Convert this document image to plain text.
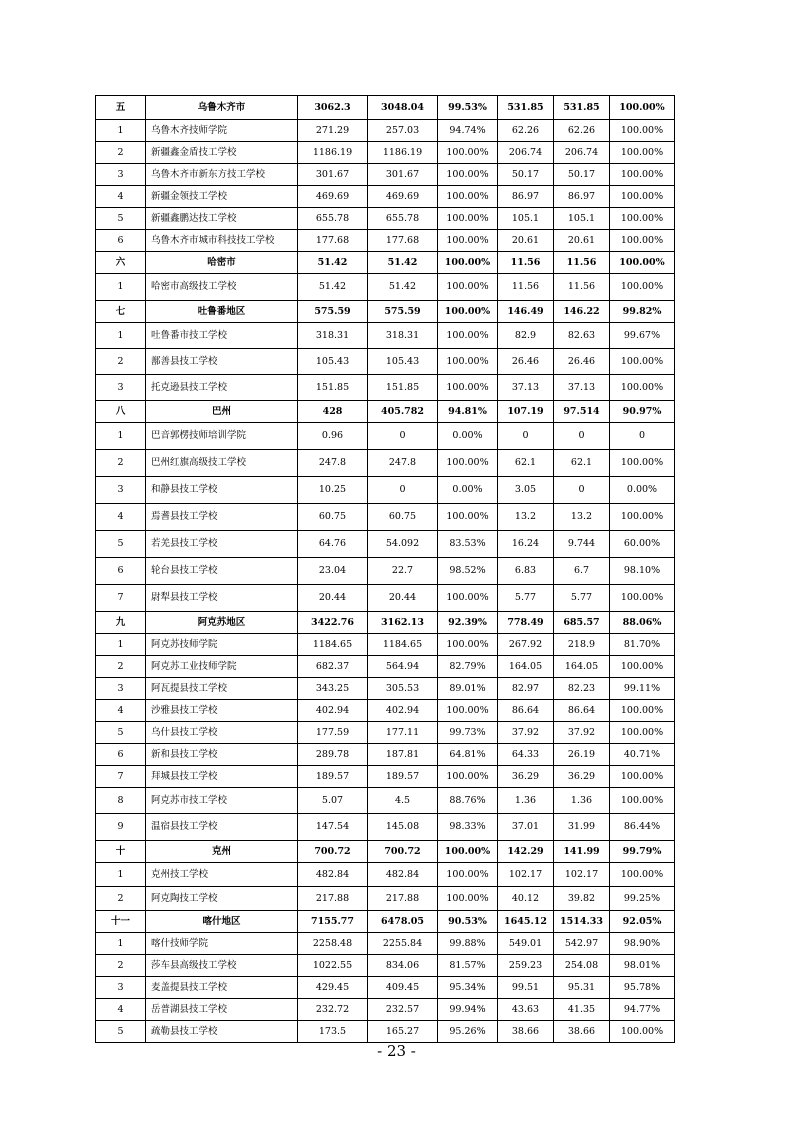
五	乌鲁木齐市	3062.3	3048.04	99.53%	531.85	531.85	100.00%
1	乌鲁木齐技师学院	271.29	257.03	94.74%	62.26	62.26	100.00%
2	新疆鑫金盾技工学校	1186.19	1186.19	100.00%	206.74	206.74	100.00%
3	乌鲁木齐市新东方技工学校	301.67	301.67	100.00%	50.17	50.17	100.00%
4	新疆金领技工学校	469.69	469.69	100.00%	86.97	86.97	100.00%
5	新疆鑫鹏达技工学校	655.78	655.78	100.00%	105.1	105.1	100.00%
6	乌鲁木齐市城市科技技工学校	177.68	177.68	100.00%	20.61	20.61	100.00%
六	哈密市	51.42	51.42	100.00%	11.56	11.56	100.00%
1	哈密市高级技工学校	51.42	51.42	100.00%	11.56	11.56	100.00%
七	吐鲁番地区	575.59	575.59	100.00%	146.49	146.22	99.82%
1	吐鲁番市技工学校	318.31	318.31	100.00%	82.9	82.63	99.67%
2	鄯善县技工学校	105.43	105.43	100.00%	26.46	26.46	100.00%
3	托克逊县技工学校	151.85	151.85	100.00%	37.13	37.13	100.00%
八	巴州	428	405.782	94.81%	107.19	97.514	90.97%
1	巴音郭楞技师培训学院	0.96	0	0.00%	0	0	0
2	巴州红旗高级技工学校	247.8	247.8	100.00%	62.1	62.1	100.00%
3	和静县技工学校	10.25	0	0.00%	3.05	0	0.00%
4	焉耆县技工学校	60.75	60.75	100.00%	13.2	13.2	100.00%
5	若羌县技工学校	64.76	54.092	83.53%	16.24	9.744	60.00%
6	轮台县技工学校	23.04	22.7	98.52%	6.83	6.7	98.10%
7	尉犁县技工学校	20.44	20.44	100.00%	5.77	5.77	100.00%
九	阿克苏地区	3422.76	3162.13	92.39%	778.49	685.57	88.06%
1	阿克苏技师学院	1184.65	1184.65	100.00%	267.92	218.9	81.70%
2	阿克苏工业技师学院	682.37	564.94	82.79%	164.05	164.05	100.00%
3	阿瓦提县技工学校	343.25	305.53	89.01%	82.97	82.23	99.11%
4	沙雅县技工学校	402.94	402.94	100.00%	86.64	86.64	100.00%
5	乌什县技工学校	177.59	177.11	99.73%	37.92	37.92	100.00%
6	新和县技工学校	289.78	187.81	64.81%	64.33	26.19	40.71%
7	拜城县技工学校	189.57	189.57	100.00%	36.29	36.29	100.00%
8	阿克苏市技工学校	5.07	4.5	88.76%	1.36	1.36	100.00%
9	温宿县技工学校	147.54	145.08	98.33%	37.01	31.99	86.44%
十	克州	700.72	700.72	100.00%	142.29	141.99	99.79%
1	克州技工学校	482.84	482.84	100.00%	102.17	102.17	100.00%
2	阿克陶技工学校	217.88	217.88	100.00%	40.12	39.82	99.25%
十一	喀什地区	7155.77	6478.05	90.53%	1645.12	1514.33	92.05%
1	喀什技师学院	2258.48	2255.84	99.88%	549.01	542.97	98.90%
2	莎车县高级技工学校	1022.55	834.06	81.57%	259.23	254.08	98.01%
3	麦盖提县技工学校	429.45	409.45	95.34%	99.51	95.31	95.78%
4	岳普湖县技工学校	232.72	232.57	99.94%	43.63	41.35	94.77%
5	疏勒县技工学校	173.5	165.27	95.26%	38.66	38.66	100.00%
- 23 -
